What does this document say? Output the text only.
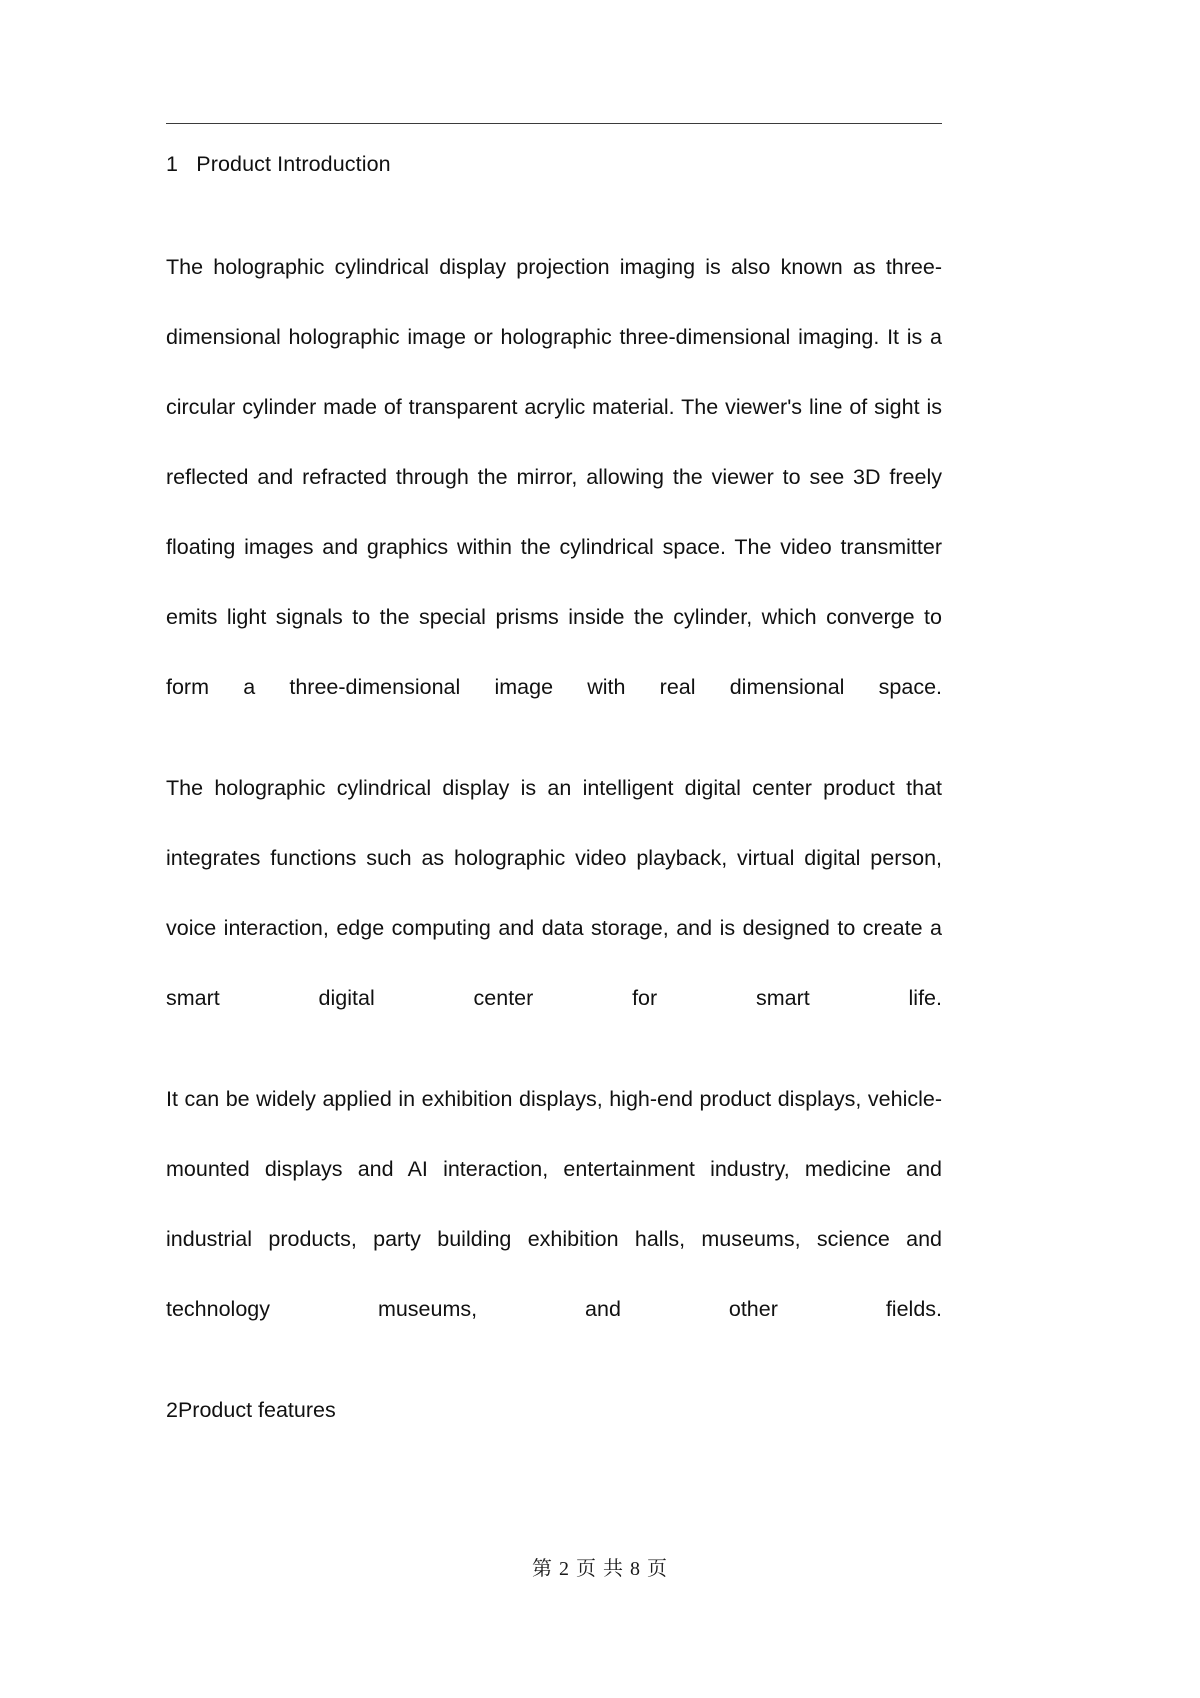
1   Product Introduction
The holographic cylindrical display projection imaging is also known as three-dimensional holographic image or holographic three-dimensional imaging. It is a circular cylinder made of transparent acrylic material. The viewer's line of sight is reflected and refracted through the mirror, allowing the viewer to see 3D freely floating images and graphics within the cylindrical space. The video transmitter emits light signals to the special prisms inside the cylinder, which converge to form a three-dimensional image with real dimensional space.
The holographic cylindrical display is an intelligent digital center product that integrates functions such as holographic video playback, virtual digital person, voice interaction, edge computing and data storage, and is designed to create a smart digital center for smart life.
It can be widely applied in exhibition displays, high-end product displays, vehicle-mounted displays and AI interaction, entertainment industry, medicine and industrial products, party building exhibition halls, museums, science and technology museums, and other fields.
2Product features
第 2 页 共 8 页
